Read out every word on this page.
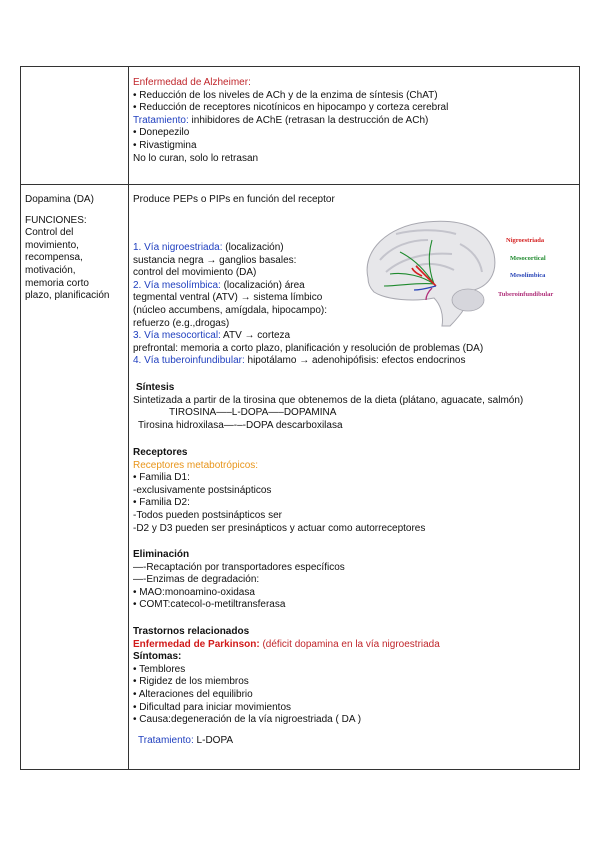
Enfermedad de Alzheimer:
• Reducción de los niveles de ACh y de la enzima de síntesis (ChAT)
• Reducción de receptores nicotínicos en hipocampo y corteza cerebral
Tratamiento: inhibidores de AChE (retrasan la destrucción de ACh)
• Donepezilo
• Rivastigmina
No lo curan, solo lo retrasan
Dopamina (DA)
FUNCIONES:
Control del
movimiento,
recompensa,
motivación,
memoria corto
plazo, planificación
Produce PEPs o PIPs en función del receptor
1. Vía nigroestriada: (localización)
sustancia negra → ganglios basales:
control del movimiento (DA)
2. Vía mesolímbica: (localización) área
tegmental ventral (ATV) → sistema límbico
(núcleo accumbens, amígdala, hipocampo):
refuerzo (e.g.,drogas)
3. Vía mesocortical: ATV → corteza
prefrontal: memoria a corto plazo, planificación y resolución de problemas (DA)
4. Vía tuberoinfundibular: hipotálamo → adenohipófisis: efectos endocrinos
Síntesis
Sintetizada a partir de la tirosina que obtenemos de la dieta (plátano, aguacate, salmón)
TIROSINA—–L-DOPA—–DOPAMINA
Tirosina hidroxilasa—-–-DOPA descarboxilasa
Receptores
Receptores metabotrópicos:
• Familia D1:
-exclusivamente postsinápticos
• Familia D2:
-Todos pueden postsinápticos ser
-D2 y D3 pueden ser presinápticos y actuar como autorreceptores
Eliminación
—-Recaptación por transportadores específicos
—-Enzimas de degradación:
• MAO:monoamino-oxidasa
• COMT:catecol-o-metiltransferasa
Trastornos relacionados
Enfermedad de Parkinson: (déficit dopamina en la vía nigroestriada
Síntomas:
• Temblores
• Rigidez de los miembros
• Alteraciones del equilibrio
• Dificultad para iniciar movimientos
• Causa:degeneración de la vía nigroestriada ( DA )
Tratamiento: L-DOPA
Nigroestriada
Mesocortical
Mesolímbica
Tuberoinfundibular
